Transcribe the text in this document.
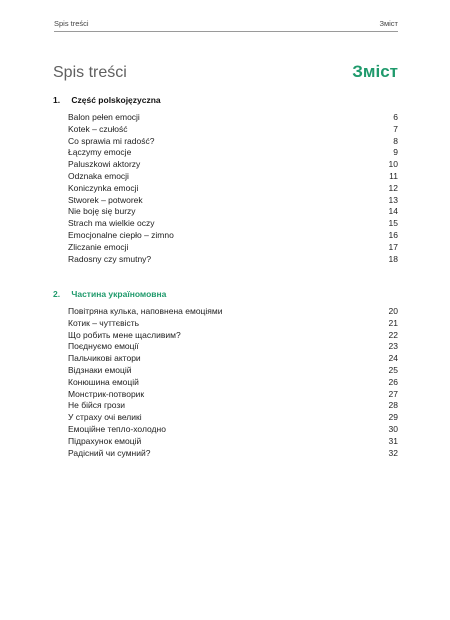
Spis treści	Зміст
Spis treści	Зміст
1. Część polskojęzyczna
Balon pełen emocji	6
Kotek – czułość	7
Co sprawia mi radość?	8
Łączymy emocje	9
Paluszkowi aktorzy	10
Odznaka emocji	11
Koniczynka emocji	12
Stworek – potworek	13
Nie boję się burzy	14
Strach ma wielkie oczy	15
Emocjonalne ciepło – zimno	16
Zliczanie emocji	17
Radosny czy smutny?	18
2. Частина україномовна
Повітряна кулька, наповнена емоціями	20
Котик – чуттєвість	21
Що робить мене щасливим?	22
Поєднуємо емоції	23
Пальчикові актори	24
Відзнаки емоцій	25
Конюшина емоцій	26
Монстрик-потворик	27
Не бійся грози	28
У страху очі великі	29
Емоційне тепло-холодно	30
Підрахунок емоцій	31
Радісний чи сумний?	32
